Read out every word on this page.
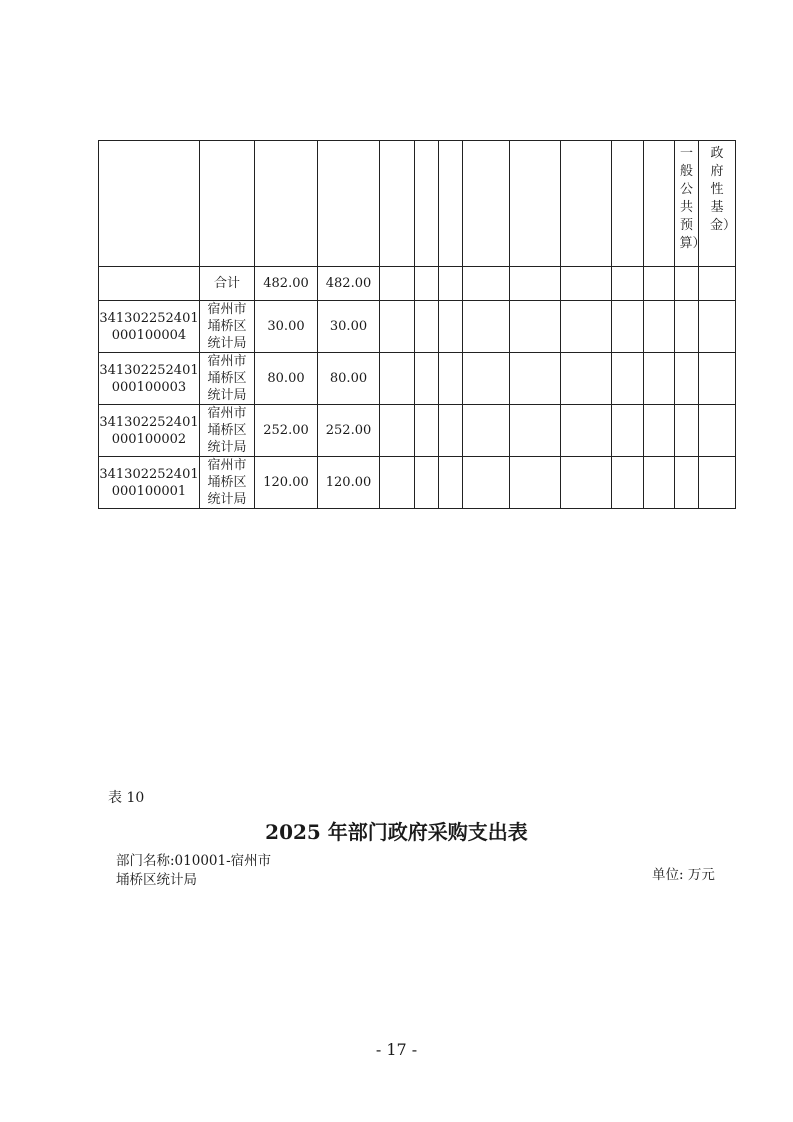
												一般公共预算）	政府性基金）

	合计	482.00	482.00										
341302252401
000100004	宿州市埇桥区统计局	30.00	30.00										
341302252401
000100003	宿州市埇桥区统计局	80.00	80.00										
341302252401
000100002	宿州市埇桥区统计局	252.00	252.00										
341302252401
000100001	宿州市埇桥区统计局	120.00	120.00										
表 10
2025 年部门政府采购支出表
部门名称:010001-宿州市埇桥区统计局	单位: 万元
- 17 -
